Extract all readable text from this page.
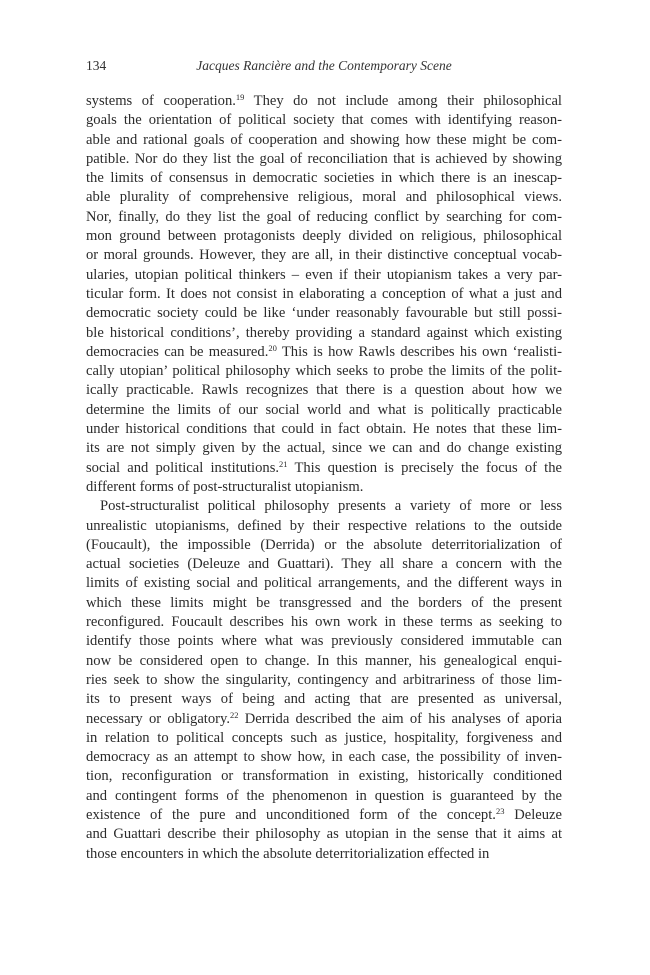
134	Jacques Rancière and the Contemporary Scene
systems of cooperation.$^{19}$ They do not include among their philosophical
goals the orientation of political society that comes with identifying reason-
able and rational goals of cooperation and showing how these might be com-
patible. Nor do they list the goal of reconciliation that is achieved by showing
the limits of consensus in democratic societies in which there is an inescap-
able plurality of comprehensive religious, moral and philosophical views.
Nor, finally, do they list the goal of reducing conflict by searching for com-
mon ground between protagonists deeply divided on religious, philosophical
or moral grounds. However, they are all, in their distinctive conceptual vocab-
ularies, utopian political thinkers – even if their utopianism takes a very par-
ticular form. It does not consist in elaborating a conception of what a just and
democratic society could be like ‘under reasonably favourable but still possi-
ble historical conditions’, thereby providing a standard against which existing
democracies can be measured.$^{20}$ This is how Rawls describes his own ‘realisti-
cally utopian’ political philosophy which seeks to probe the limits of the polit-
ically practicable. Rawls recognizes that there is a question about how we
determine the limits of our social world and what is politically practicable
under historical conditions that could in fact obtain. He notes that these lim-
its are not simply given by the actual, since we can and do change existing
social and political institutions.$^{21}$ This question is precisely the focus of the
different forms of post-structuralist utopianism.
Post-structuralist political philosophy presents a variety of more or less
unrealistic utopianisms, defined by their respective relations to the outside
(Foucault), the impossible (Derrida) or the absolute deterritorialization of
actual societies (Deleuze and Guattari). They all share a concern with the
limits of existing social and political arrangements, and the different ways in
which these limits might be transgressed and the borders of the present
reconfigured. Foucault describes his own work in these terms as seeking to
identify those points where what was previously considered immutable can
now be considered open to change. In this manner, his genealogical enqui-
ries seek to show the singularity, contingency and arbitrariness of those lim-
its to present ways of being and acting that are presented as universal,
necessary or obligatory.$^{22}$ Derrida described the aim of his analyses of aporia
in relation to political concepts such as justice, hospitality, forgiveness and
democracy as an attempt to show how, in each case, the possibility of inven-
tion, reconfiguration or transformation in existing, historically conditioned
and contingent forms of the phenomenon in question is guaranteed by the
existence of the pure and unconditioned form of the concept.$^{23}$ Deleuze
and Guattari describe their philosophy as utopian in the sense that it aims at
those encounters in which the absolute deterritorialization effected in
